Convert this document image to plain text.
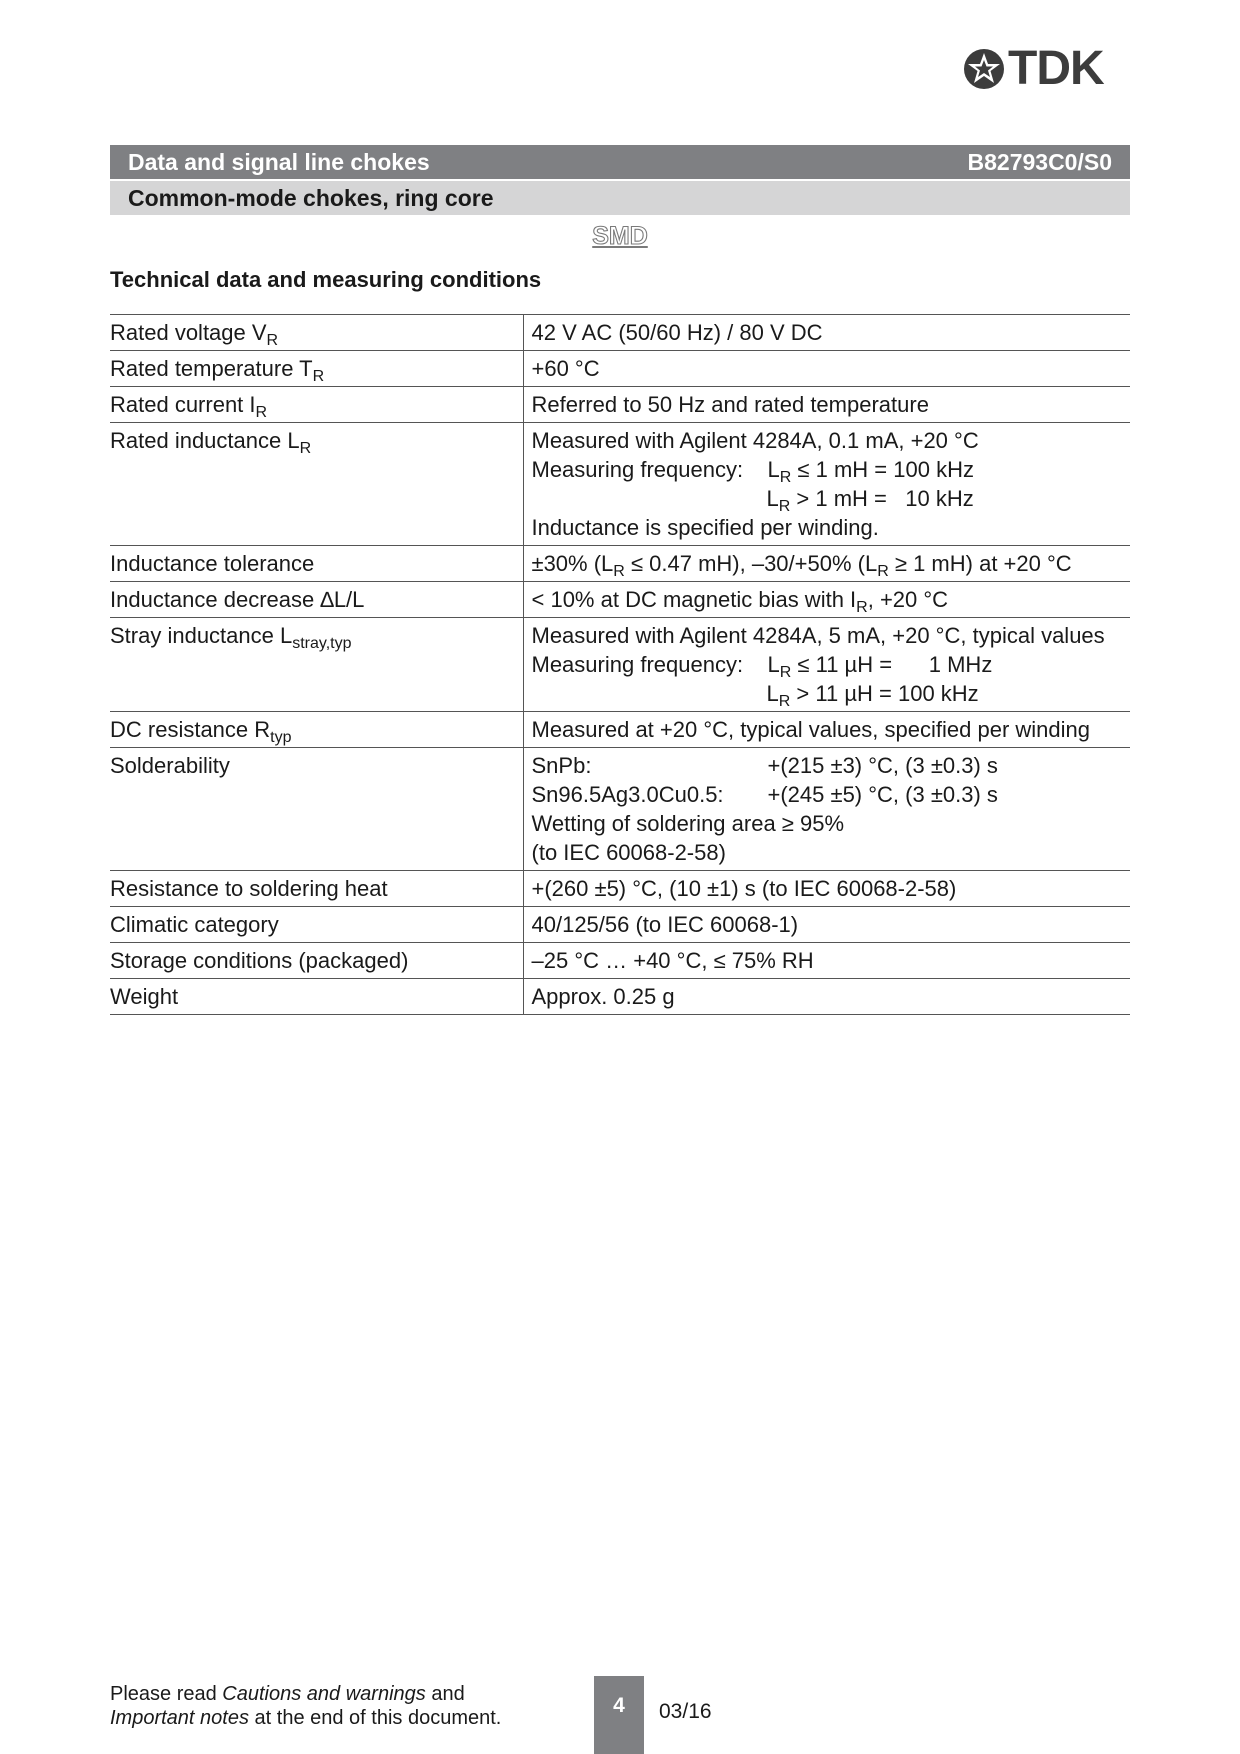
TDK
Data and signal line chokes	B82793C0/S0
Common-mode chokes, ring core
SMD
Technical data and measuring conditions
Rated voltage $V_R$	42 V AC (50/60 Hz) / 80 V DC
Rated temperature $T_R$	+60 °C
Rated current $I_R$	Referred to 50 Hz and rated temperature
Rated inductance $L_R$	Measured with Agilent 4284A, 0.1 mA, +20 °C
Measuring frequency: $L_R \le 1$ mH = 100 kHz
$L_R > 1$ mH =   10 kHz
Inductance is specified per winding.

Inductance tolerance	±30% ($L_R \le 0.47$ mH), –30/+50% ($L_R \ge 1$ mH) at +20 °C
Inductance decrease ∆L/L	< 10% at DC magnetic bias with $I_R$, +20 °C
Stray inductance $L_{stray,typ}$	Measured with Agilent 4284A, 5 mA, +20 °C, typical values
Measuring frequency: $L_R \le 11$ µH =      1 MHz
$L_R > 11$ µH = 100 kHz

DC resistance $R_{typ}$	Measured at +20 °C, typical values, specified per winding
Solderability	SnPb: +(215 ±3) °C, (3 ±0.3) s
Sn96.5Ag3.0Cu0.5: +(245 ±5) °C, (3 ±0.3) s
Wetting of soldering area ≥ 95%
(to IEC 60068-2-58)

Resistance to soldering heat	+(260 ±5) °C, (10 ±1) s (to IEC 60068-2-58)
Climatic category	40/125/56 (to IEC 60068-1)
Storage conditions (packaged)	–25 °C … +40 °C, ≤ 75% RH
Weight	Approx. 0.25 g
Please read Cautions and warnings and
Important notes at the end of this document.
4	03/16
